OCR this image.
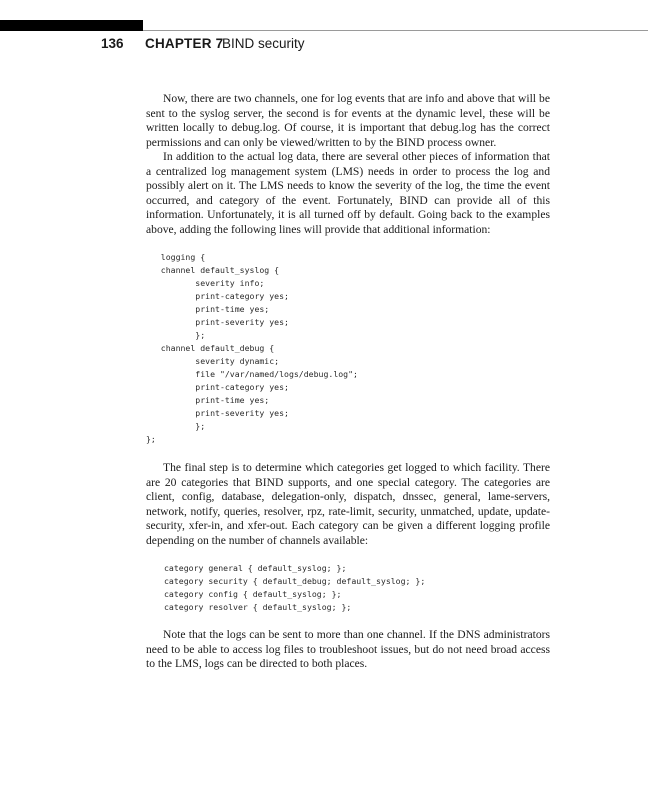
136 CHAPTER 7
BIND security

Now, there are two channels, one for log events that are info and above that will be sent to the syslog server, the second is for events at the dynamic level, these will be written locally to debug.log. Of course, it is important that debug.log has the correct permissions and can only be viewed/written to by the BIND process owner.

In addition to the actual log data, there are several other pieces of information that a centralized log management system (LMS) needs in order to process the log and possibly alert on it. The LMS needs to know the severity of the log, the time the event occurred, and category of the event. Fortunately, BIND can provide all of this information. Unfortunately, it is all turned off by default. Going back to the examples above, adding the following lines will provide that additional information:

logging {
channel default_syslog {
severity info;
print-category yes;
print-time yes;
print-severity yes;
};
channel default_debug {
severity dynamic;
file "/var/named/logs/debug.log";
print-category yes;
print-time yes;
print-severity yes;
};
};

The final step is to determine which categories get logged to which facility. There are 20 categories that BIND supports, and one special category. The categories are client, config, database, delegation-only, dispatch, dnssec, general, lame-servers, network, notify, queries, resolver, rpz, rate-limit, security, unmatched, update, update-security, xfer-in, and xfer-out. Each category can be given a different logging profile depending on the number of channels available:

category general { default_syslog; };
category security { default_debug; default_syslog; };
category config { default_syslog; };
category resolver { default_syslog; };

Note that the logs can be sent to more than one channel. If the DNS administrators need to be able to access log files to troubleshoot issues, but do not need broad access to the LMS, logs can be directed to both places.
